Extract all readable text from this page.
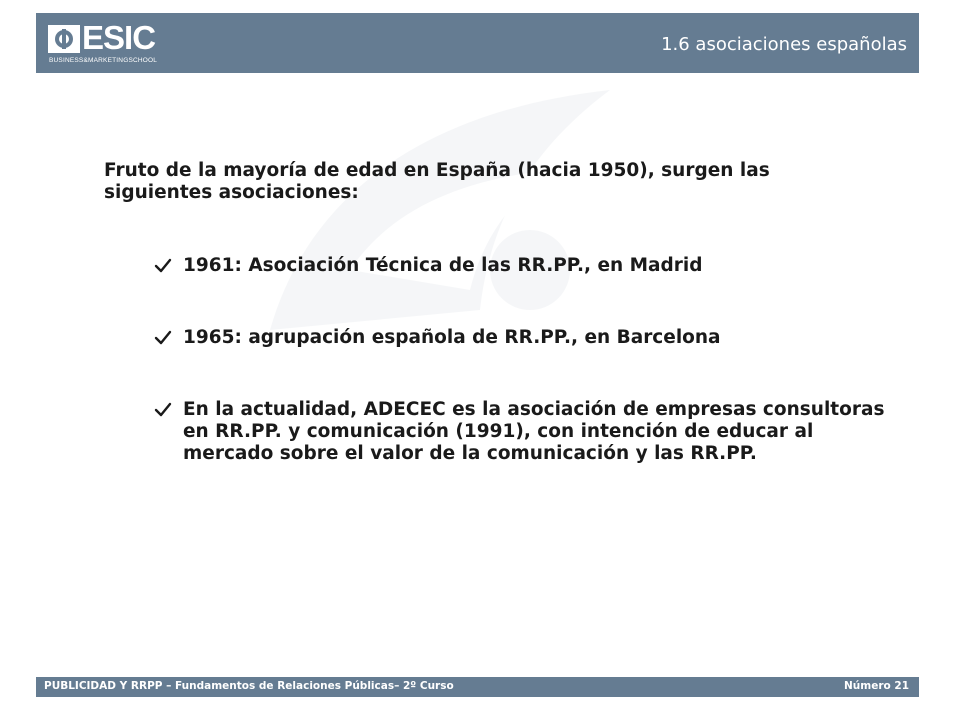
ESIC
BUSINESS&MARKETINGSCHOOL
1.6 asociaciones españolas

Fruto de la mayoría de edad en España (hacia 1950), surgen las siguientes asociaciones:

1961: Asociación Técnica de las RR.PP., en Madrid
1965: agrupación española de RR.PP., en Barcelona
En la actualidad, ADECEC es la asociación de empresas consultoras en RR.PP. y comunicación (1991), con intención de educar al mercado sobre el valor de la comunicación y las RR.PP.
PUBLICIDAD Y RRPP – Fundamentos de Relaciones Públicas– 2º Curso	Número 21
